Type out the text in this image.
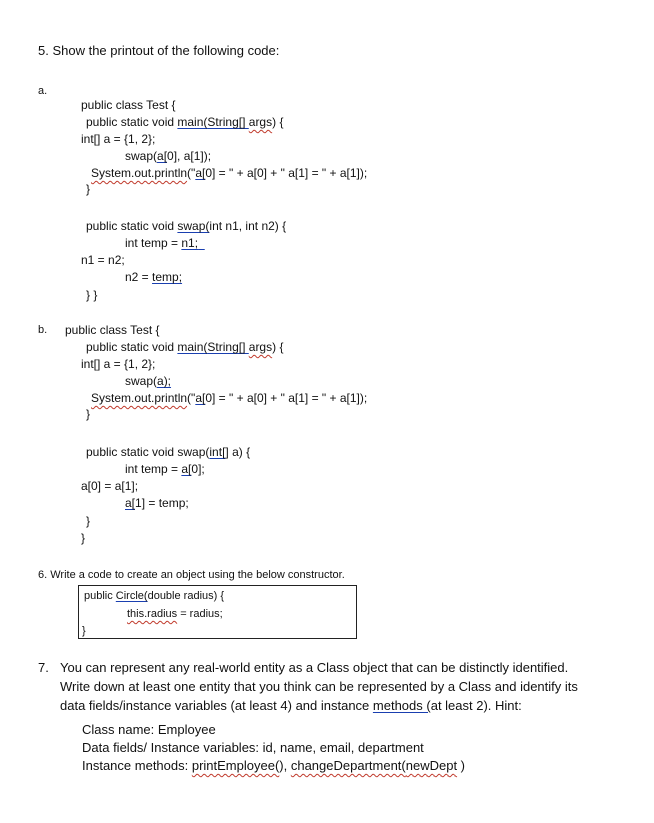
5. Show the printout of the following code:
a.
public class Test {
public static void main(String[] args) {
int[] a = {1, 2};
swap(a[0], a[1]);
System.out.println("a[0] = " + a[0] + " a[1] = " + a[1]);
}
public static void swap(int n1, int n2) {
int temp = n1;
n1 = n2;
n2 = temp;
} }
b. public class Test {
public static void main(String[] args) {
int[] a = {1, 2};
swap(a);
System.out.println("a[0] = " + a[0] + " a[1] = " + a[1]);
}
public static void swap(int[] a) {
int temp = a[0];
a[0] = a[1];
a[1] = temp;
}
}
6. Write a code to create an object using the below constructor.
public Circle(double radius) {
this.radius = radius;
}
7. You can represent any real-world entity as a Class object that can be distinctly identified.
Write down at least one entity that you think can be represented by a Class and identify its
data fields/instance variables (at least 4) and instance methods (at least 2). Hint:
Class name: Employee
Data fields/ Instance variables: id, name, email, department
Instance methods: printEmployee(), changeDepartment(newDept )
